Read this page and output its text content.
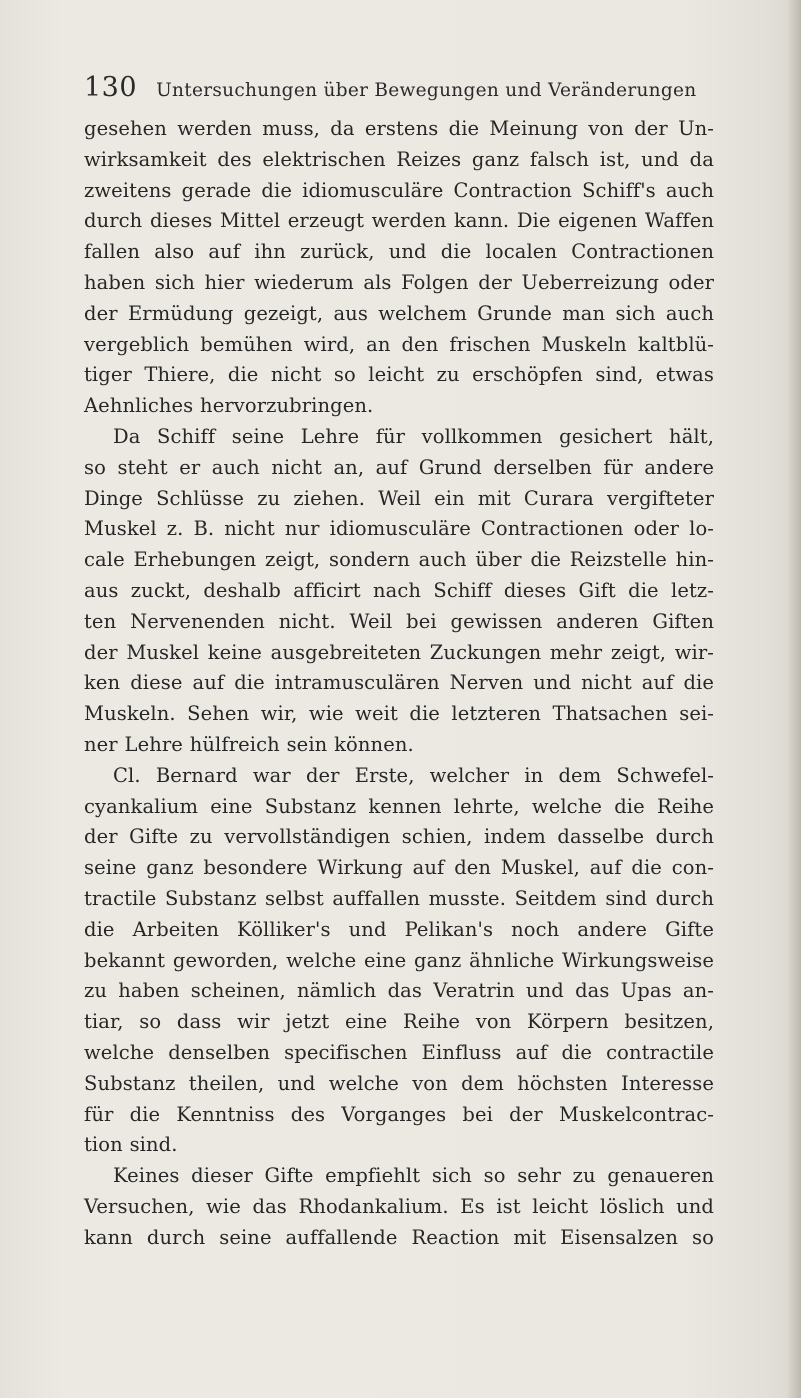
130 Untersuchungen über Bewegungen und Veränderungen
gesehen werden muss, da erstens die Meinung von der Un-
wirksamkeit des elektrischen Reizes ganz falsch ist, und da
zweitens gerade die idiomusculäre Contraction Schiff's auch
durch dieses Mittel erzeugt werden kann. Die eigenen Waffen
fallen also auf ihn zurück, und die localen Contractionen
haben sich hier wiederum als Folgen der Ueberreizung oder
der Ermüdung gezeigt, aus welchem Grunde man sich auch
vergeblich bemühen wird, an den frischen Muskeln kaltblü-
tiger Thiere, die nicht so leicht zu erschöpfen sind, etwas
Aehnliches hervorzubringen.
Da Schiff seine Lehre für vollkommen gesichert hält,
so steht er auch nicht an, auf Grund derselben für andere
Dinge Schlüsse zu ziehen. Weil ein mit Curara vergifteter
Muskel z. B. nicht nur idiomusculäre Contractionen oder lo-
cale Erhebungen zeigt, sondern auch über die Reizstelle hin-
aus zuckt, deshalb afficirt nach Schiff dieses Gift die letz-
ten Nervenenden nicht. Weil bei gewissen anderen Giften
der Muskel keine ausgebreiteten Zuckungen mehr zeigt, wir-
ken diese auf die intramusculären Nerven und nicht auf die
Muskeln. Sehen wir, wie weit die letzteren Thatsachen sei-
ner Lehre hülfreich sein können.
Cl. Bernard war der Erste, welcher in dem Schwefel-
cyankalium eine Substanz kennen lehrte, welche die Reihe
der Gifte zu vervollständigen schien, indem dasselbe durch
seine ganz besondere Wirkung auf den Muskel, auf die con-
tractile Substanz selbst auffallen musste. Seitdem sind durch
die Arbeiten Kölliker's und Pelikan's noch andere Gifte
bekannt geworden, welche eine ganz ähnliche Wirkungsweise
zu haben scheinen, nämlich das Veratrin und das Upas an-
tiar, so dass wir jetzt eine Reihe von Körpern besitzen,
welche denselben specifischen Einfluss auf die contractile
Substanz theilen, und welche von dem höchsten Interesse
für die Kenntniss des Vorganges bei der Muskelcontrac-
tion sind.
Keines dieser Gifte empfiehlt sich so sehr zu genaueren
Versuchen, wie das Rhodankalium. Es ist leicht löslich und
kann durch seine auffallende Reaction mit Eisensalzen so
